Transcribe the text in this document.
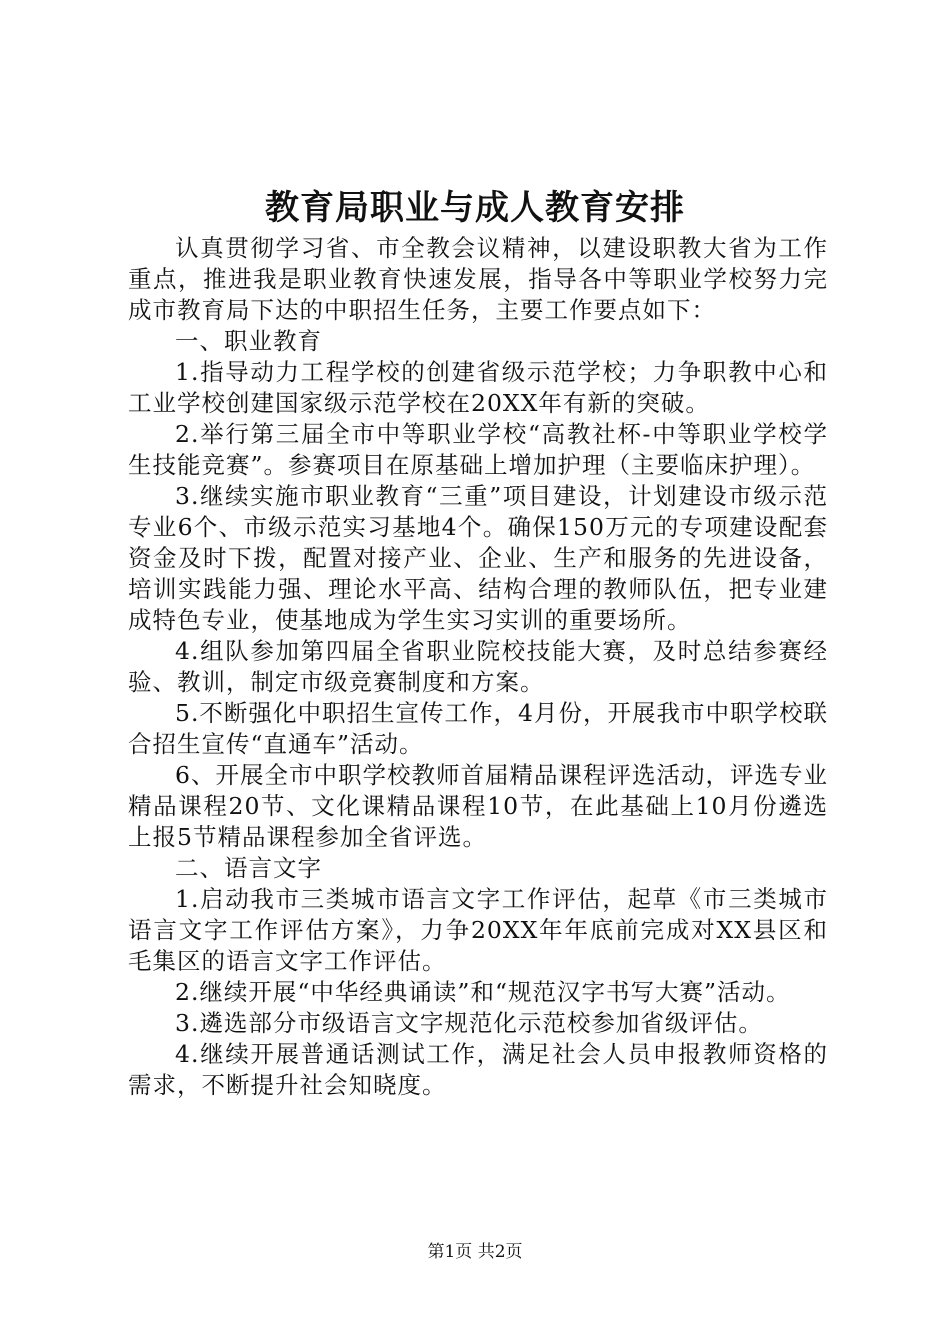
教育局职业与成人教育安排

认真贯彻学习省、市全教会议精神，以建设职教大省为工作重点，推进我是职业教育快速发展，指导各中等职业学校努力完成市教育局下达的中职招生任务，主要工作要点如下：

一、职业教育

1.指导动力工程学校的创建省级示范学校；力争职教中心和工业学校创建国家级示范学校在20XX年有新的突破。

2.举行第三届全市中等职业学校“高教社杯-中等职业学校学生技能竞赛”。参赛项目在原基础上增加护理（主要临床护理）。

3.继续实施市职业教育“三重”项目建设，计划建设市级示范专业6个、市级示范实习基地4个。确保150万元的专项建设配套资金及时下拨，配置对接产业、企业、生产和服务的先进设备，培训实践能力强、理论水平高、结构合理的教师队伍，把专业建成特色专业，使基地成为学生实习实训的重要场所。

4.组队参加第四届全省职业院校技能大赛，及时总结参赛经验、教训，制定市级竞赛制度和方案。

5.不断强化中职招生宣传工作，4月份，开展我市中职学校联合招生宣传“直通车”活动。

6、开展全市中职学校教师首届精品课程评选活动，评选专业精品课程20节、文化课精品课程10节，在此基础上10月份遴选上报5节精品课程参加全省评选。

二、语言文字

1.启动我市三类城市语言文字工作评估，起草《市三类城市语言文字工作评估方案》，力争20XX年年底前完成对XX县区和毛集区的语言文字工作评估。

2.继续开展“中华经典诵读”和“规范汉字书写大赛”活动。

3.遴选部分市级语言文字规范化示范校参加省级评估。

4.继续开展普通话测试工作，满足社会人员申报教师资格的需求，不断提升社会知晓度。

第1页 共2页
